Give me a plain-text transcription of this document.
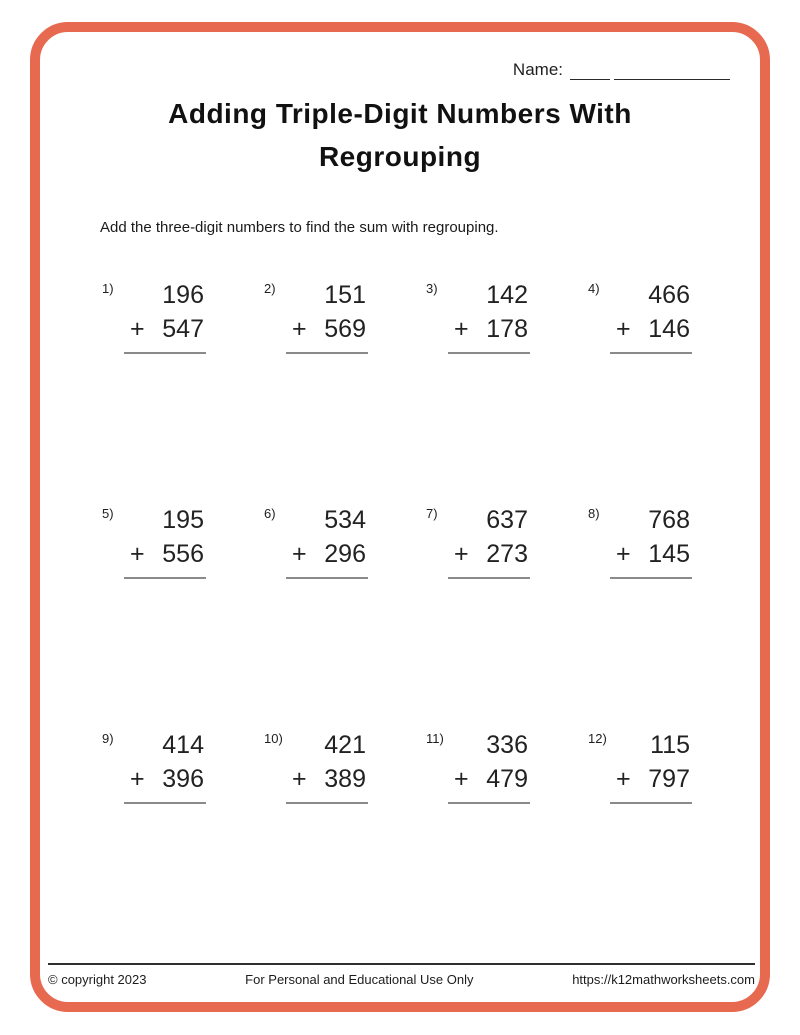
Name:
Adding Triple-Digit Numbers With
Regrouping
Add the three-digit numbers to find the sum with regrouping.
1)	196
+ 547
2)	151
+ 569
3)	142
+ 178
4)	466
+ 146
5)	195
+ 556
6)	534
+ 296
7)	637
+ 273
8)	768
+ 145
9)	414
+ 396
10)	421
+ 389
11)	336
+ 479
12)	115
+ 797
© copyright 2023	For Personal and Educational Use Only	https://k12mathworksheets.com
